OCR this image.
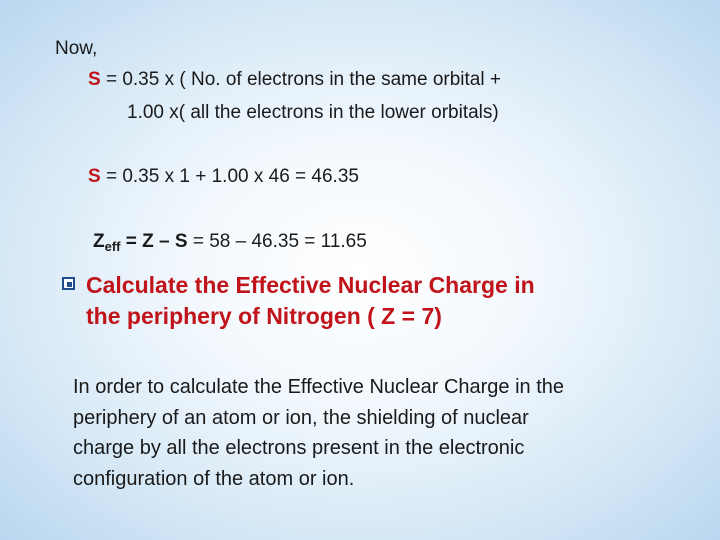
Now,
S = 0.35 x ( No. of electrons in the same orbital +
1.00 x( all the electrons in the lower orbitals)
S = 0.35 x 1 + 1.00 x 46 = 46.35
$Z_{eff} = Z - S = 58 - 46.35 = 11.65$
Calculate the Effective Nuclear Charge in
the periphery of Nitrogen ( Z = 7)
In order to calculate the Effective Nuclear Charge in the
periphery of an atom or ion, the shielding of nuclear
charge by all the electrons present in the electronic
configuration of the atom or ion.
